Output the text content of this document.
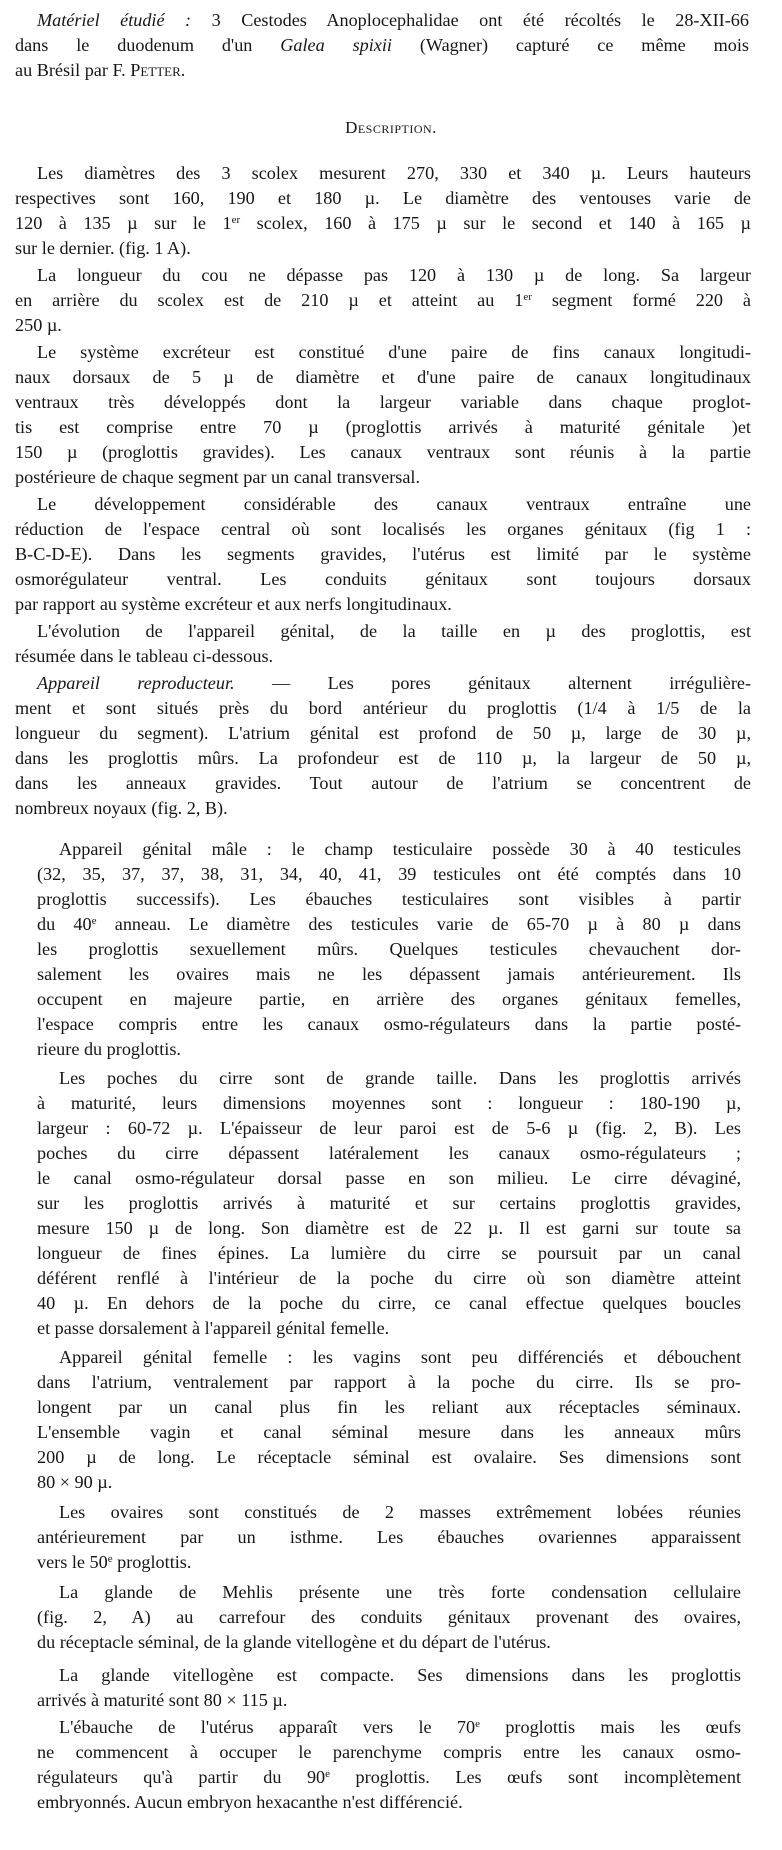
Matériel étudié : 3 Cestodes Anoplocephalidae ont été récoltés le 28-XII-66
dans le duodenum d'un Galea spixii (Wagner) capturé ce même mois
au Brésil par F. Petter.
Description.
Les diamètres des 3 scolex mesurent 270, 330 et 340 µ. Leurs hauteurs
respectives sont 160, 190 et 180 µ. Le diamètre des ventouses varie de
120 à 135 µ sur le 1er scolex, 160 à 175 µ sur le second et 140 à 165 µ
sur le dernier. (fig. 1 A).
La longueur du cou ne dépasse pas 120 à 130 µ de long. Sa largeur
en arrière du scolex est de 210 µ et atteint au 1er segment formé 220 à
250 µ.
Le système excréteur est constitué d'une paire de fins canaux longitudi-
naux dorsaux de 5 µ de diamètre et d'une paire de canaux longitudinaux
ventraux très développés dont la largeur variable dans chaque proglot-
tis est comprise entre 70 µ (proglottis arrivés à maturité génitale )et
150 µ (proglottis gravides). Les canaux ventraux sont réunis à la partie
postérieure de chaque segment par un canal transversal.
Le développement considérable des canaux ventraux entraîne une
réduction de l'espace central où sont localisés les organes génitaux (fig 1 :
B-C-D-E). Dans les segments gravides, l'utérus est limité par le système
osmorégulateur ventral. Les conduits génitaux sont toujours dorsaux
par rapport au système excréteur et aux nerfs longitudinaux.
L'évolution de l'appareil génital, de la taille en µ des proglottis, est
résumée dans le tableau ci-dessous.
Appareil reproducteur. — Les pores génitaux alternent irrégulière-
ment et sont situés près du bord antérieur du proglottis (1/4 à 1/5 de la
longueur du segment). L'atrium génital est profond de 50 µ, large de 30 µ,
dans les proglottis mûrs. La profondeur est de 110 µ, la largeur de 50 µ,
dans les anneaux gravides. Tout autour de l'atrium se concentrent de
nombreux noyaux (fig. 2, B).
Appareil génital mâle : le champ testiculaire possède 30 à 40 testicules
(32, 35, 37, 37, 38, 31, 34, 40, 41, 39 testicules ont été comptés dans 10
proglottis successifs). Les ébauches testiculaires sont visibles à partir
du 40e anneau. Le diamètre des testicules varie de 65-70 µ à 80 µ dans
les proglottis sexuellement mûrs. Quelques testicules chevauchent dor-
salement les ovaires mais ne les dépassent jamais antérieurement. Ils
occupent en majeure partie, en arrière des organes génitaux femelles,
l'espace compris entre les canaux osmo-régulateurs dans la partie posté-
rieure du proglottis.
Les poches du cirre sont de grande taille. Dans les proglottis arrivés
à maturité, leurs dimensions moyennes sont : longueur : 180-190 µ,
largeur : 60-72 µ. L'épaisseur de leur paroi est de 5-6 µ (fig. 2, B). Les
poches du cirre dépassent latéralement les canaux osmo-régulateurs ;
le canal osmo-régulateur dorsal passe en son milieu. Le cirre dévaginé,
sur les proglottis arrivés à maturité et sur certains proglottis gravides,
mesure 150 µ de long. Son diamètre est de 22 µ. Il est garni sur toute sa
longueur de fines épines. La lumière du cirre se poursuit par un canal
déférent renflé à l'intérieur de la poche du cirre où son diamètre atteint
40 µ. En dehors de la poche du cirre, ce canal effectue quelques boucles
et passe dorsalement à l'appareil génital femelle.
Appareil génital femelle : les vagins sont peu différenciés et débouchent
dans l'atrium, ventralement par rapport à la poche du cirre. Ils se pro-
longent par un canal plus fin les reliant aux réceptacles séminaux.
L'ensemble vagin et canal séminal mesure dans les anneaux mûrs
200 µ de long. Le réceptacle séminal est ovalaire. Ses dimensions sont
80 × 90 µ.
Les ovaires sont constitués de 2 masses extrêmement lobées réunies
antérieurement par un isthme. Les ébauches ovariennes apparaissent
vers le 50e proglottis.
La glande de Mehlis présente une très forte condensation cellulaire
(fig. 2, A) au carrefour des conduits génitaux provenant des ovaires,
du réceptacle séminal, de la glande vitellogène et du départ de l'utérus.
La glande vitellogène est compacte. Ses dimensions dans les proglottis
arrivés à maturité sont 80 × 115 µ.
L'ébauche de l'utérus apparaît vers le 70e proglottis mais les œufs
ne commencent à occuper le parenchyme compris entre les canaux osmo-
régulateurs qu'à partir du 90e proglottis. Les œufs sont incomplètement
embryonnés. Aucun embryon hexacanthe n'est différencié.
